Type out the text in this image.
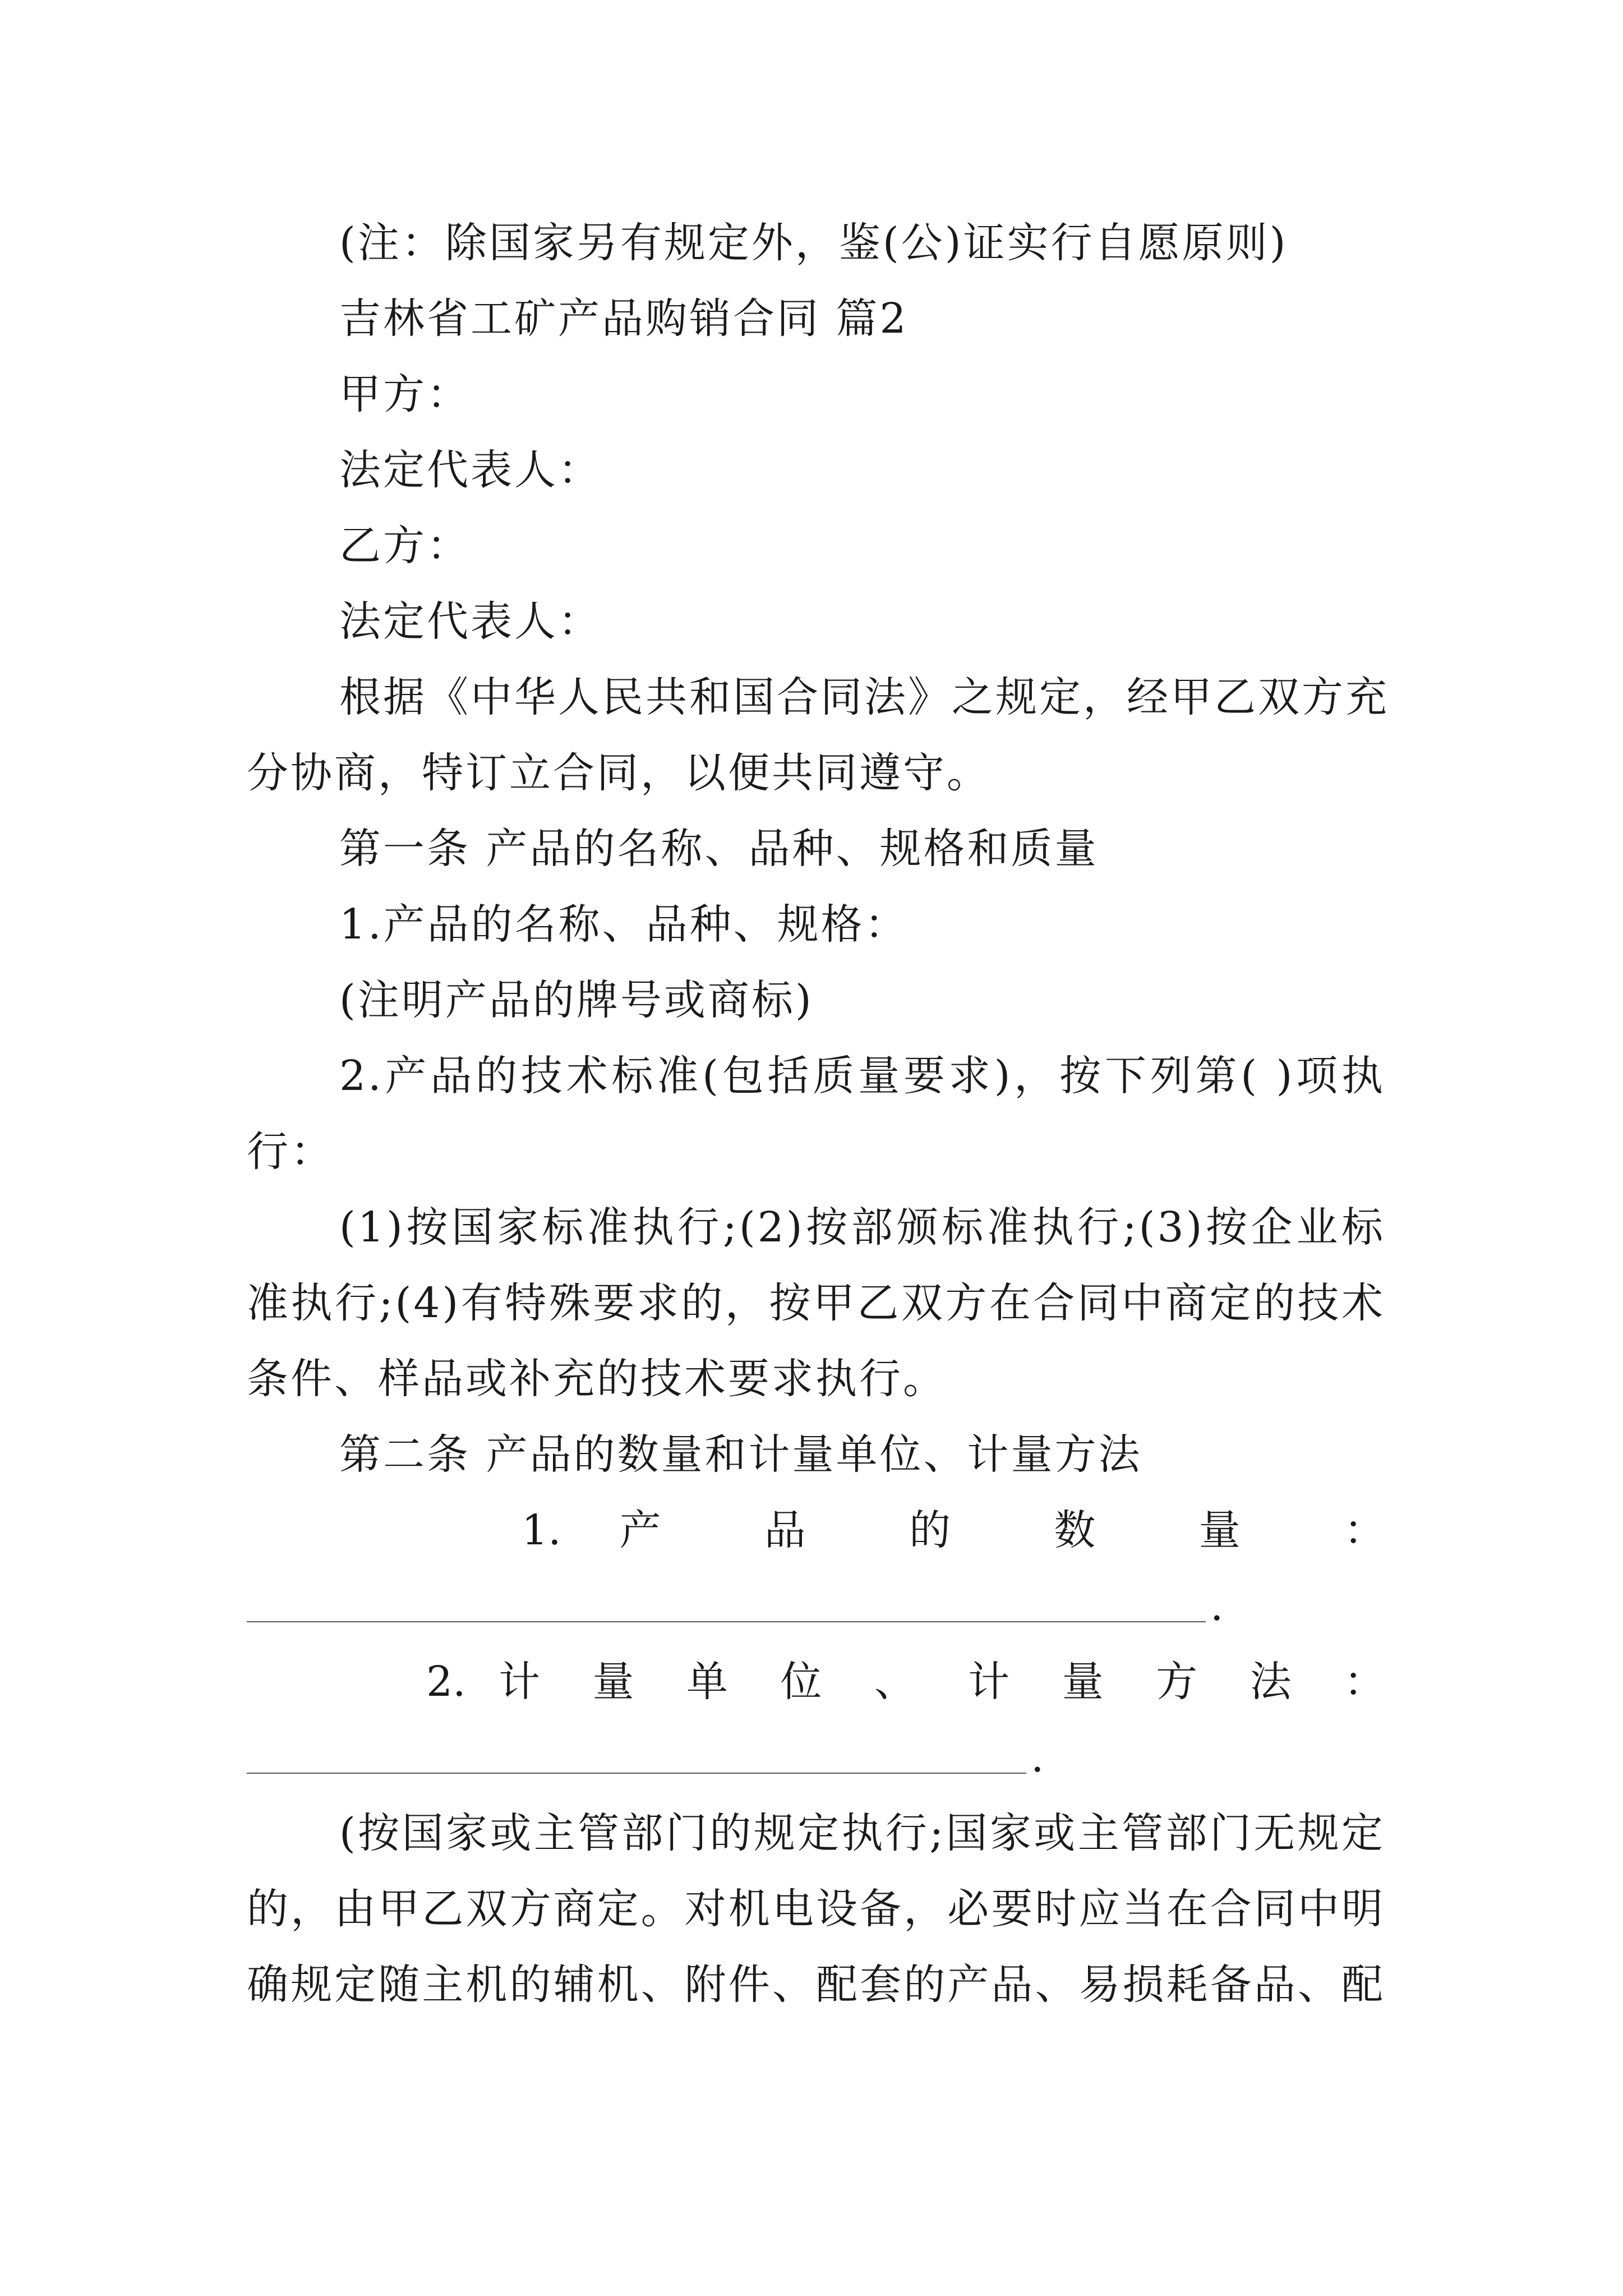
(注：除国家另有规定外，鉴(公)证实行自愿原则)
吉林省工矿产品购销合同 篇2
甲方：
法定代表人：
乙方：
法定代表人：
根据《中华人民共和国合同法》之规定，经甲乙双方充
分协商，特订立合同，以便共同遵守。
第一条 产品的名称、品种、规格和质量
1.产品的名称、品种、规格：
(注明产品的牌号或商标)
2.产品的技术标准(包括质量要求)，按下列第( )项执
行：
(1)按国家标准执行;(2)按部颁标准执行;(3)按企业标
准执行;(4)有特殊要求的，按甲乙双方在合同中商定的技术
条件、样品或补充的技术要求执行。
第二条 产品的数量和计量单位、计量方法
1. 产 品 的 数 量 ：
.
2. 计 量 单 位 、 计 量 方 法 ：
.
(按国家或主管部门的规定执行;国家或主管部门无规定
的，由甲乙双方商定。对机电设备，必要时应当在合同中明
确规定随主机的辅机、附件、配套的产品、易损耗备品、配
